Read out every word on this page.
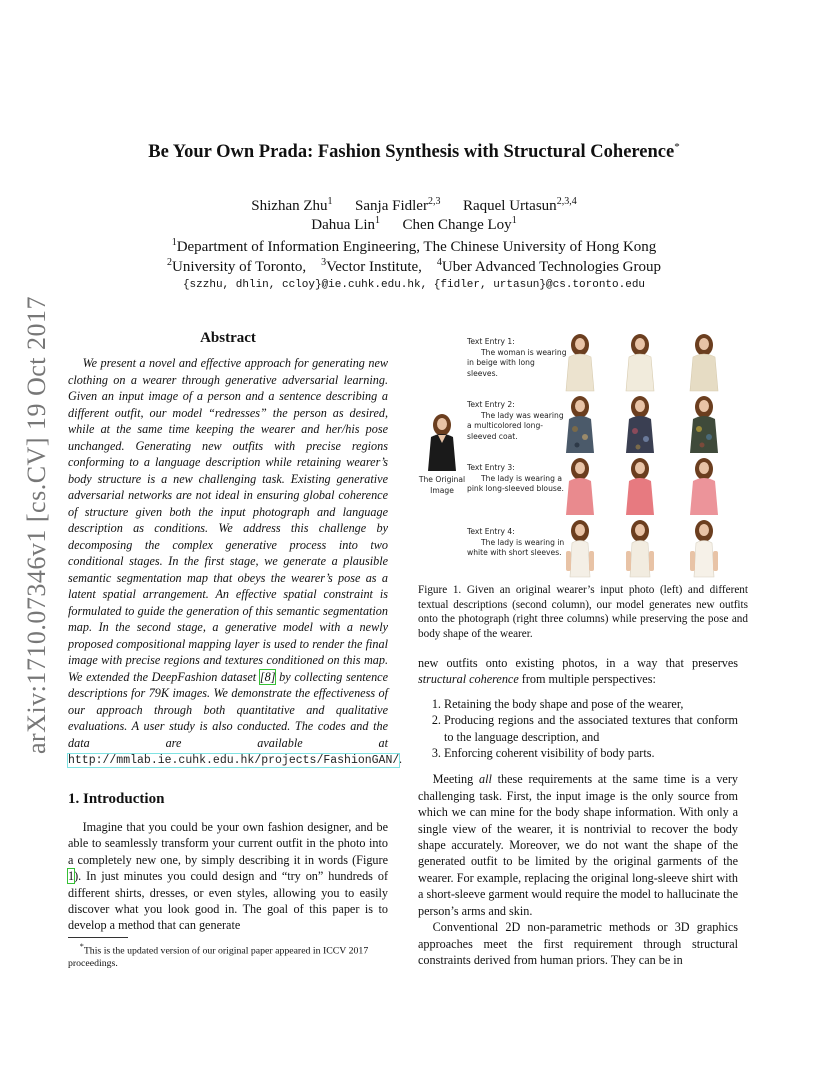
arXiv:1710.07346v1 [cs.CV] 19 Oct 2017
Be Your Own Prada: Fashion Synthesis with Structural Coherence*
Shizhan Zhu$^1$ Sanja Fidler$^{2,3}$ Raquel Urtasun$^{2,3,4}$
Dahua Lin$^1$ Chen Change Loy$^1$
$^1$Department of Information Engineering, The Chinese University of Hong Kong
$^2$University of Toronto, $^3$Vector Institute, $^4$Uber Advanced Technologies Group
{szzhu, dhlin, ccloy}@ie.cuhk.edu.hk, {fidler, urtasun}@cs.toronto.edu
Abstract
We present a novel and effective approach for generating new clothing on a wearer through generative adversarial learning. Given an input image of a person and a sentence describing a different outfit, our model “redresses” the person as desired, while at the same time keeping the wearer and her/his pose unchanged. Generating new outfits with precise regions conforming to a language description while retaining wearer’s body structure is a new challenging task. Existing generative adversarial networks are not ideal in ensuring global coherence of structure given both the input photograph and language description as conditions. We address this challenge by decomposing the complex generative process into two conditional stages. In the first stage, we generate a plausible semantic segmentation map that obeys the wearer’s pose as a latent spatial arrangement. An effective spatial constraint is formulated to guide the generation of this semantic segmentation map. In the second stage, a generative model with a newly proposed compositional mapping layer is used to render the final image with precise regions and textures conditioned on this map. We extended the DeepFashion dataset [8] by collecting sentence descriptions for 79K images. We demonstrate the effectiveness of our approach through both quantitative and qualitative evaluations. A user study is also conducted. The codes and the data are available at http://mmlab.ie.cuhk.edu.hk/projects/FashionGAN/.
1. Introduction
Imagine that you could be your own fashion designer, and be able to seamlessly transform your current outfit in the photo into a completely new one, by simply describing it in words (Figure 1). In just minutes you could design and “try on” hundreds of different shirts, dresses, or even styles, allowing you to easily discover what you look good in. The goal of this paper is to develop a method that can generate
*This is the updated version of our original paper appeared in ICCV 2017 proceedings.
The Original
Image
Text Entry 1:
The woman is wearing in beige with long sleeves.
Text Entry 2:
The lady was wearing a multicolored long-sleeved coat.
Text Entry 3:
The lady is wearing a pink long-sleeved blouse.
Text Entry 4:
The lady is wearing in white with short sleeves.
Figure 1. Given an original wearer’s input photo (left) and different textual descriptions (second column), our model generates new outfits onto the photograph (right three columns) while preserving the pose and body shape of the wearer.

new outfits onto existing photos, in a way that preserves structural coherence from multiple perspectives:

1. Retaining the body shape and pose of the wearer,
2. Producing regions and the associated textures that conform to the language description, and
3. Enforcing coherent visibility of body parts.

Meeting all these requirements at the same time is a very challenging task. First, the input image is the only source from which we can mine for the body shape information. With only a single view of the wearer, it is nontrivial to recover the body shape accurately. Moreover, we do not want the shape of the generated outfit to be limited by the original garments of the wearer. For example, replacing the original long-sleeve shirt with a short-sleeve garment would require the model to hallucinate the person’s arms and skin.

Conventional 2D non-parametric methods or 3D graphics approaches meet the first requirement through structural constraints derived from human priors. They can be in
